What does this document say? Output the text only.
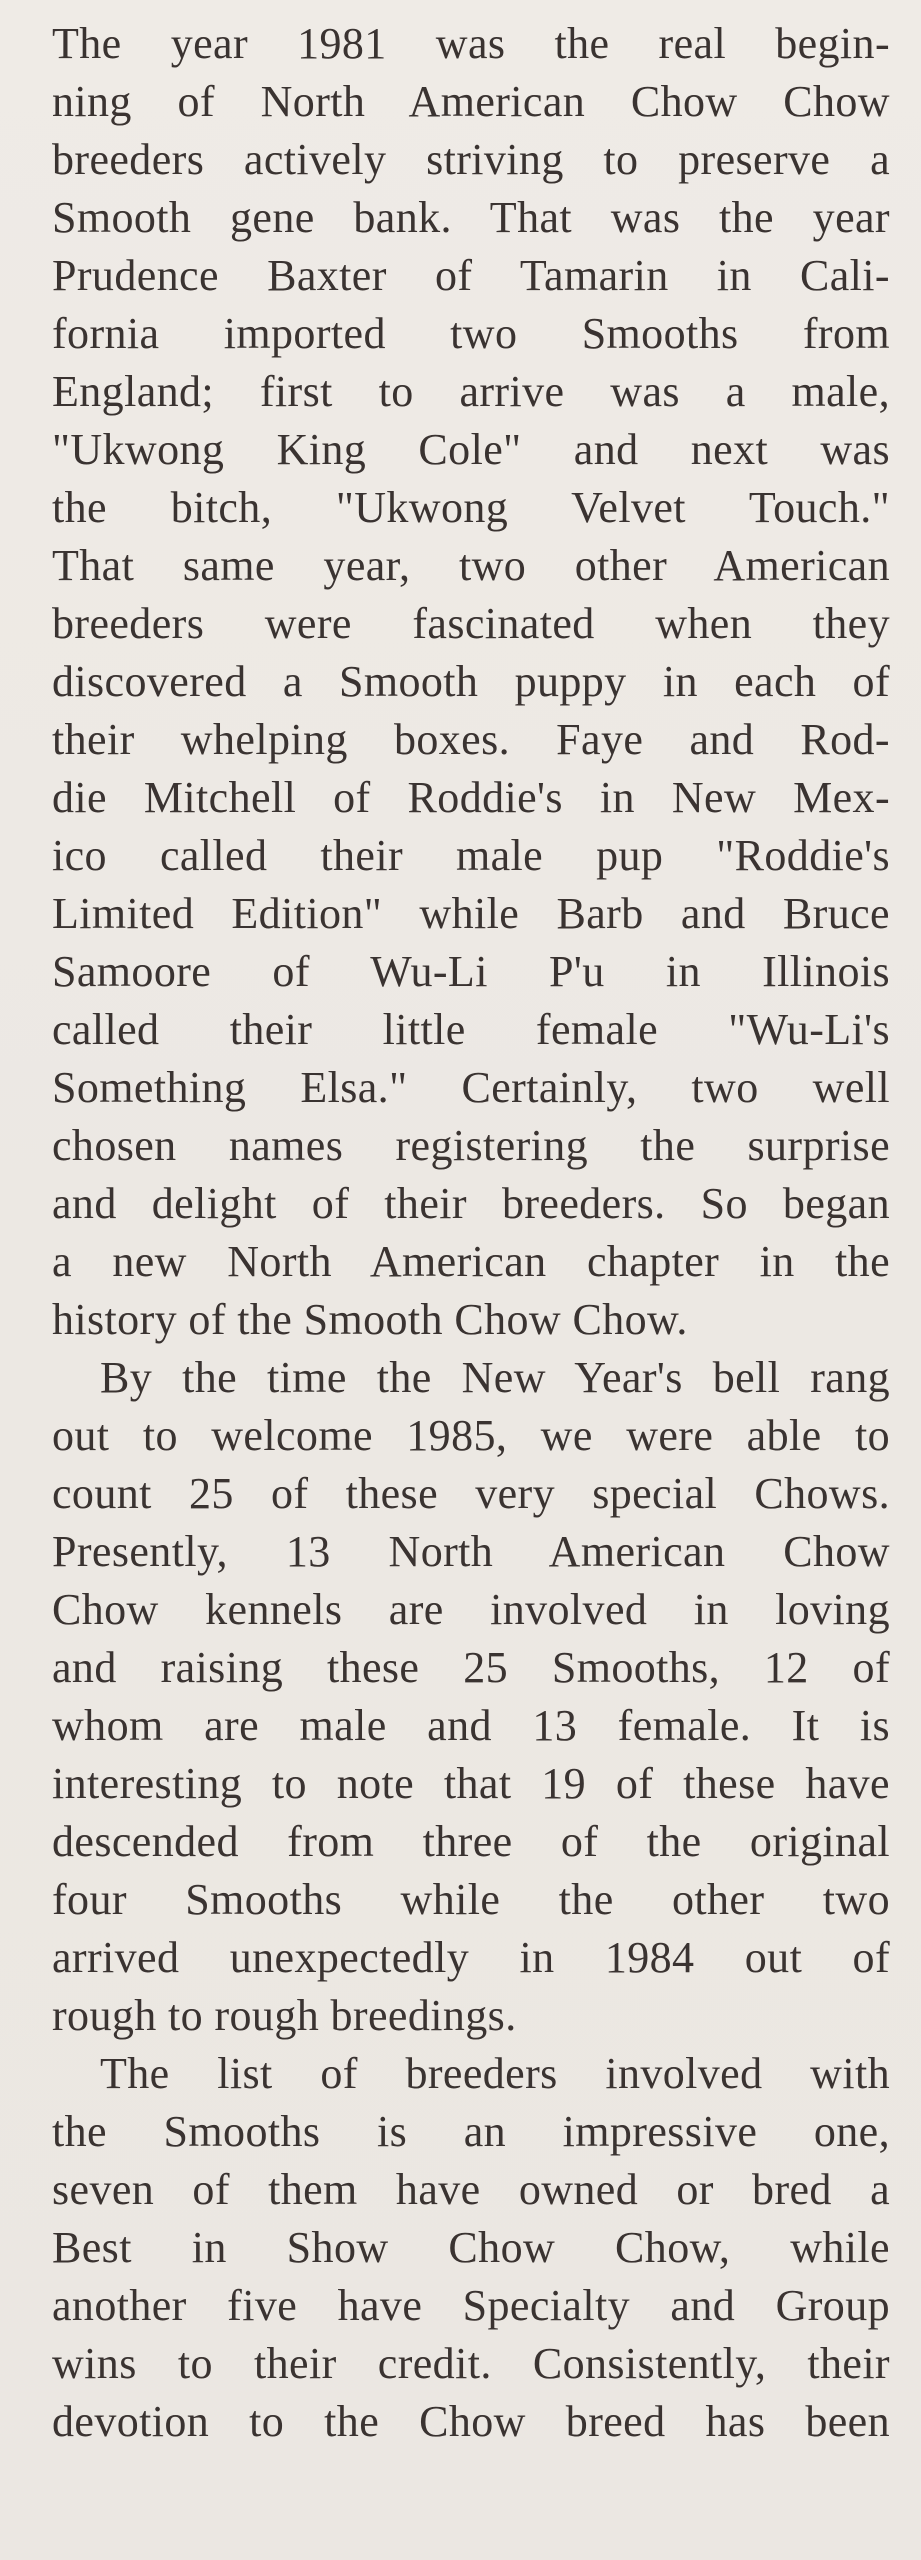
The year 1981 was the real begin-
ning of North American Chow Chow
breeders actively striving to preserve a
Smooth gene bank. That was the year
Prudence Baxter of Tamarin in Cali-
fornia imported two Smooths from
England; first to arrive was a male,
"Ukwong King Cole" and next was
the bitch, "Ukwong Velvet Touch."
That same year, two other American
breeders were fascinated when they
discovered a Smooth puppy in each of
their whelping boxes. Faye and Rod-
die Mitchell of Roddie's in New Mex-
ico called their male pup "Roddie's
Limited Edition" while Barb and Bruce
Samoore of Wu-Li P'u in Illinois
called their little female "Wu-Li's
Something Elsa." Certainly, two well
chosen names registering the surprise
and delight of their breeders. So began
a new North American chapter in the
history of the Smooth Chow Chow.
By the time the New Year's bell rang
out to welcome 1985, we were able to
count 25 of these very special Chows.
Presently, 13 North American Chow
Chow kennels are involved in loving
and raising these 25 Smooths, 12 of
whom are male and 13 female. It is
interesting to note that 19 of these have
descended from three of the original
four Smooths while the other two
arrived unexpectedly in 1984 out of
rough to rough breedings.
The list of breeders involved with
the Smooths is an impressive one,
seven of them have owned or bred a
Best in Show Chow Chow, while
another five have Specialty and Group
wins to their credit. Consistently, their
devotion to the Chow breed has been
